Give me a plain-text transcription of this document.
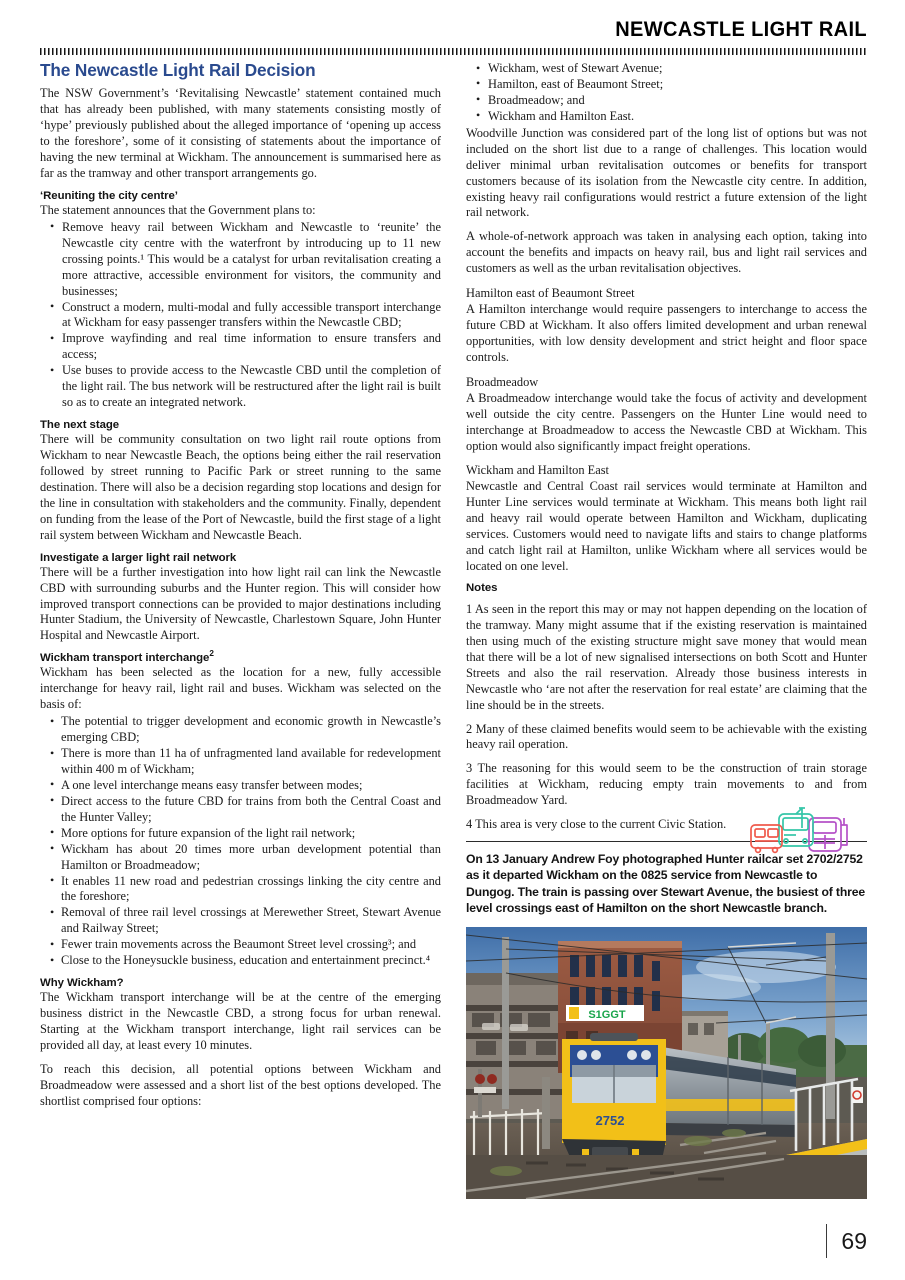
NEWCASTLE LIGHT RAIL
The Newcastle Light Rail Decision

The NSW Government’s ‘Revitalising Newcastle’ statement contained much that has already been published, with many statements consisting mostly of ‘hype’ previously published about the alleged importance of ‘opening up access to the foreshore’, some of it consisting of statements about the importance of having the new terminal at Wickham. The announcement is summarised here as far as the tramway and other transport arrangements go.

‘Reuniting the city centre’

The statement announces that the Government plans to:

• Remove heavy rail between Wickham and Newcastle to ‘reunite’ the Newcastle city centre with the waterfront by introducing up to 11 new crossing points.¹ This would be a catalyst for urban revitalisation creating a more attractive, accessible environment for visitors, the community and businesses;
• Construct a modern, multi-modal and fully accessible transport interchange at Wickham for easy passenger transfers within the Newcastle CBD;
• Improve wayfinding and real time information to ensure transfers and access;
• Use buses to provide access to the Newcastle CBD until the completion of the light rail. The bus network will be restructured after the light rail is built so as to create an integrated network.
The next stage

There will be community consultation on two light rail route options from Wickham to near Newcastle Beach, the options being either the rail reservation followed by street running to Pacific Park or street running to the same destination. There will also be a decision regarding stop locations and design for the line in consultation with stakeholders and the community. Finally, dependent on funding from the lease of the Port of Newcastle, build the first stage of a light rail system between Wickham and Newcastle Beach.

Investigate a larger light rail network

There will be a further investigation into how light rail can link the Newcastle CBD with surrounding suburbs and the Hunter region. This will consider how improved transport connections can be provided to major destinations including Hunter Stadium, the University of Newcastle, Charlestown Square, John Hunter Hospital and Newcastle Airport.

Wickham transport interchange$^2$

Wickham has been selected as the location for a new, fully accessible interchange for heavy rail, light rail and buses. Wickham was selected on the basis of:

• The potential to trigger development and economic growth in Newcastle’s emerging CBD;
• There is more than 11 ha of unfragmented land available for redevelopment within 400 m of Wickham;
• A one level interchange means easy transfer between modes;
• Direct access to the future CBD for trains from both the Central Coast and the Hunter Valley;
• More options for future expansion of the light rail network;
• Wickham has about 20 times more urban development potential than Hamilton or Broadmeadow;
• It enables 11 new road and pedestrian crossings linking the city centre and the foreshore;
• Removal of three rail level crossings at Merewether Street, Stewart Avenue and Railway Street;
• Fewer train movements across the Beaumont Street level crossing³; and
• Close to the Honeysuckle business, education and entertainment precinct.⁴
Why Wickham?

The Wickham transport interchange will be at the centre of the emerging business district in the Newcastle CBD, a strong focus for urban renewal. Starting at the Wickham transport interchange, light rail services can be provided all day, at least every 10 minutes.

To reach this decision, all potential options between Wickham and Broadmeadow were assessed and a short list of the best options developed. The shortlist comprised four options:

• Wickham, west of Stewart Avenue;
• Hamilton, east of Beaumont Street;
• Broadmeadow; and
• Wickham and Hamilton East.

Woodville Junction was considered part of the long list of options but was not included on the short list due to a range of challenges. This location would deliver minimal urban revitalisation outcomes or benefits for transport customers because of its isolation from the Newcastle city centre. In addition, existing heavy rail configurations would restrict a future extension of the light rail network.

A whole-of-network approach was taken in analysing each option, taking into account the benefits and impacts on heavy rail, bus and light rail services and customers as well as the urban revitalisation objectives.

Hamilton east of Beaumont Street

A Hamilton interchange would require passengers to interchange to access the future CBD at Wickham. It also offers limited development and urban renewal opportunities, with low density development and strict height and floor space controls.

Broadmeadow

A Broadmeadow interchange would take the focus of activity and development well outside the city centre. Passengers on the Hunter Line would need to interchange at Broadmeadow to access the Newcastle CBD at Wickham. This option would also significantly impact freight operations.

Wickham and Hamilton East

Newcastle and Central Coast rail services would terminate at Hamilton and Hunter Line services would terminate at Wickham. This means both light rail and heavy rail would operate between Hamilton and Wickham, duplicating services. Customers would need to navigate lifts and stairs to change platforms and catch light rail at Hamilton, unlike Wickham where all services would be located on one level.

Notes

1 As seen in the report this may or may not happen depending on the location of the tramway. Many might assume that if the existing reservation is maintained then using much of the existing structure might save money that would mean that there will be a lot of new signalised intersections on both Scott and Hunter Streets and also the rail reservation. Already those business interests in Newcastle who ‘are not after the reservation for real estate’ are claiming that the line should be in the streets.

2 Many of these claimed benefits would seem to be achievable with the existing heavy rail operation.

3 The reasoning for this would seem to be the construction of train storage facilities at Wickham, reducing empty train movements to and from Broadmeadow Yard.

4 This area is very close to the current Civic Station.

On 13 January Andrew Foy photographed Hunter railcar set 2702/2752 as it departed Wickham on the 0825 service from Newcastle to Dungog. The train is passing over Stewart Avenue, the busiest of three level crossings east of Hamilton on the short Newcastle branch.
S1GGT
2752
69
